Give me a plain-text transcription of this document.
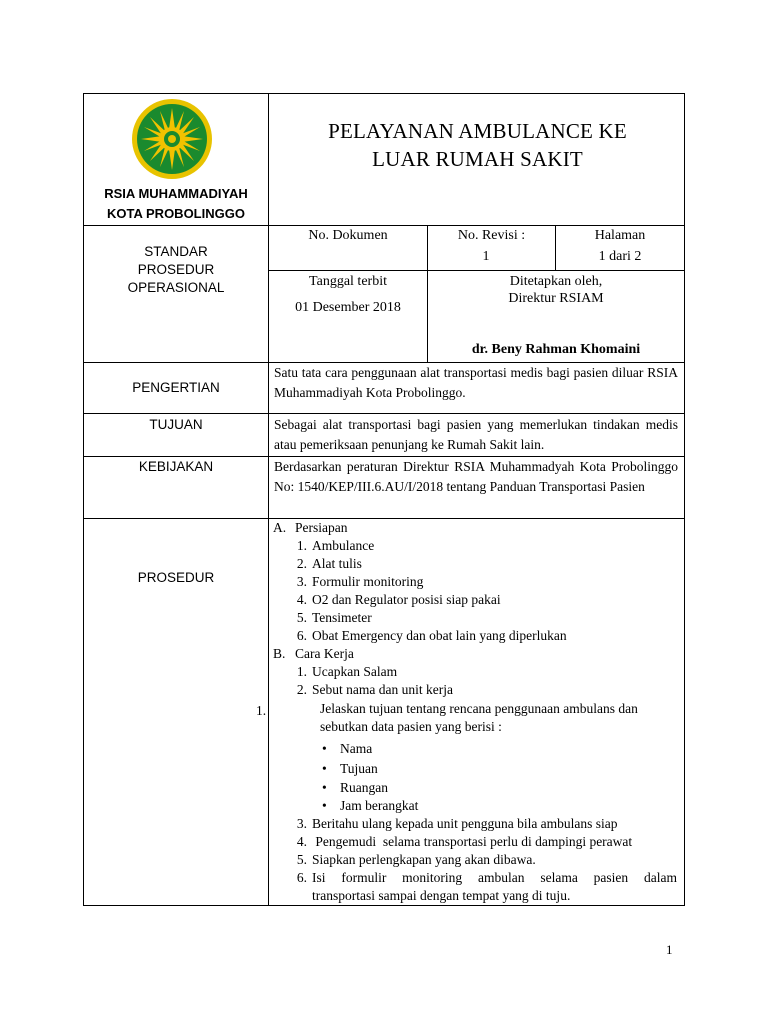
RSIA MUHAMMADIYAH
KOTA PROBOLINGGO
PELAYANAN AMBULANCE KE LUAR RUMAH SAKIT
STANDAR PROSEDUR OPERASIONAL
No. Dokumen	No. Revisi :
1
Halaman
1 dari 2
Tanggal terbit
01 Desember 2018
Ditetapkan oleh,
Direktur RSIAM
dr. Beny Rahman Khomaini
PENGERTIAN
TUJUAN
KEBIJAKAN
PROSEDUR
Satu tata cara penggunaan alat transportasi medis bagi pasien diluar RSIA Muhammadiyah Kota Probolinggo.
Sebagai alat transportasi bagi pasien yang memerlukan tindakan medis atau pemeriksaan penunjang ke Rumah Sakit lain.
Berdasarkan peraturan Direktur RSIA Muhammadyah Kota Probolinggo No: 1540/KEP/III.6.AU/I/2018 tentang Panduan Transportasi Pasien
A. Persiapan
1. Ambulance
2. Alat tulis
3. Formulir monitoring
4. O2 dan Regulator posisi siap pakai
5. Tensimeter
6. Obat Emergency dan obat lain yang diperlukan
B. Cara Kerja
1. Ucapkan Salam
2. Sebut nama dan unit kerja
1.	Jelaskan tujuan tentang rencana penggunaan ambulans dan
sebutkan data pasien yang berisi :
• Nama
• Tujuan
• Ruangan
• Jam berangkat
3. Beritahu ulang kepada unit pengguna bila ambulans siap
4. Pengemudi  selama transportasi perlu di dampingi perawat
5. Siapkan perlengkapan yang akan dibawa.
6. Isi formulir monitoring ambulan selama pasien dalam
transportasi sampai dengan tempat yang di tuju.
1
